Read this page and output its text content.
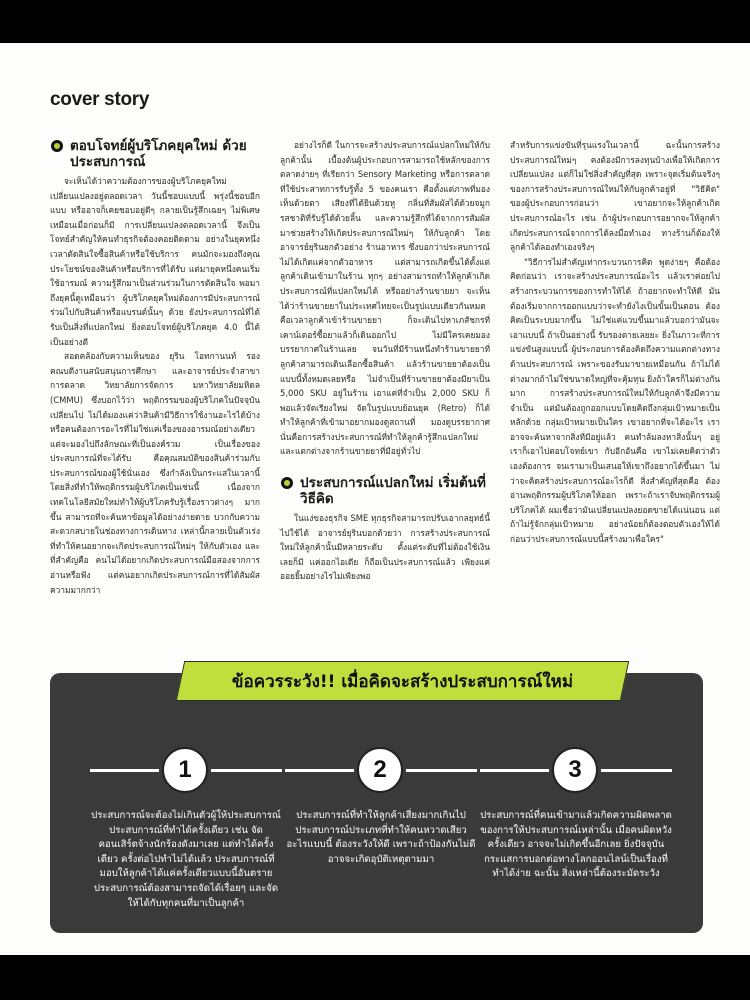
cover story
ตอบโจทย์ผู้บริโภคยุคใหม่ ด้วยประสบการณ์

จะเห็นได้ว่าความต้องการของผู้บริโภคยุคใหม่ เปลี่ยนแปลงอยู่ตลอดเวลา วันนี้ชอบแบบนี้ พรุ่งนี้ชอบอีกแบบ หรืออาจก็เคยชอบอยู่ดีๆ กลายเป็นรู้สึกเฉยๆ ไม่พิเศษเหมือนเมื่อก่อนก็มี การเปลี่ยนแปลงตลอดเวลานี้ จึงเป็นโจทย์สำคัญให้คนทำธุรกิจต้องคอยติดตาม อย่างในยุคหนึ่งเวลาตัดสินใจซื้อสินค้าหรือใช้บริการ คนมักจะมองถึงคุณประโยชน์ของสินค้าหรือบริการที่ได้รับ แต่มายุคหนึ่งคนเริ่มใช้อารมณ์ ความรู้สึกมาเป็นส่วนร่วมในการตัดสินใจ พอมาถึงยุคนี้ดูเหมือนว่า ผู้บริโภคยุคใหม่ต้องการมีประสบการณ์ร่วมไปกับสินค้าหรือแบรนด์นั้นๆ ด้วย ยังประสบการณ์ที่ได้รับเป็นสิ่งที่แปลกใหม่ ยิ่งตอบโจทย์ผู้บริโภคยุค 4.0 นี้ได้เป็นอย่างดี

สอดคล้องกับความเห็นของ ยุริน โอทกานนท์ รองคณบดีงานสนับสนุนการศึกษา และอาจารย์ประจำสาขาการตลาด วิทยาลัยการจัดการ มหาวิทยาลัยมหิดล (CMMU) ซึ่งบอกไว้ว่า พฤติกรรมของผู้บริโภคในปัจจุบันเปลี่ยนไป ไม่ได้มองแค่ว่าสินค้ามีวิธีการใช้งานอะไรได้บ้าง หรือคนต้องการอะไรที่ไม่ใช่แค่เรื่องของอารมณ์อย่างเดียว แต่จะมองไปถึงลักษณะที่เป็นองค์รวม เป็นเรื่องของประสบการณ์ที่จะได้รับ คือคุณสมบัติของสินค้าร่วมกับประสบการณ์ของผู้ใช้นั่นเอง ซึ่งกำลังเป็นกระแสในเวลานี้ โดยสิ่งที่ทำให้พฤติกรรมผู้บริโภคเป็นเช่นนี้ เนื่องจากเทคโนโลยีสมัยใหม่ทำให้ผู้บริโภครับรู้เรื่องราวต่างๆ มากขึ้น สามารถที่จะค้นหาข้อมูลได้อย่างง่ายดาย บวกกับความสะดวกสบายในช่องทางการเดินทาง เหล่านี้กลายเป็นตัวเร่งที่ทำให้คนอยากจะเกิดประสบการณ์ใหม่ๆ ให้กับตัวเอง และที่สำคัญคือ คนไม่ได้อยากเกิดประสบการณ์มือสองจากการอ่านหรือฟัง แต่คนอยากเกิดประสบการณ์การที่ได้สัมผัสความมากกว่า

อย่างไรก็ดี ในการจะสร้างประสบการณ์แปลกใหม่ให้กับลูกค้านั้น เบื้องต้นผู้ประกอบการสามารถใช้หลักของการตลาดง่ายๆ ที่เรียกว่า Sensory Marketing หรือการตลาดที่ใช้ประสาทการรับรู้ทั้ง 5 ของคนเรา คือตั้งแต่ภาพที่มองเห็นด้วยตา เสียงที่ได้ยินด้วยหู กลิ่นที่สัมผัสได้ด้วยจมูก รสชาติที่รับรู้ได้ด้วยลิ้น และความรู้สึกที่ได้จากการสัมผัส มาช่วยสร้างให้เกิดประสบการณ์ใหม่ๆ ให้กับลูกค้า โดยอาจารย์ยุรินยกตัวอย่าง ร้านอาหาร ซึ่งบอกว่าประสบการณ์ไม่ได้เกิดแค่จากตัวอาหาร แต่สามารถเกิดขึ้นได้ตั้งแต่ลูกค้าเดินเข้ามาในร้าน ทุกๆ อย่างสามารถทำให้ลูกค้าเกิดประสบการณ์ที่แปลกใหม่ได้ หรืออย่างร้านขายยา จะเห็นได้ว่าร้านขายยาในประเทศไทยจะเป็นรูปแบบเดียวกันหมด คือเวลาลูกค้าเข้าร้านขายยา ก็จะเดินไปหาเภสัชกรที่เคาน์เตอร์ซื้อยาแล้วก็เดินออกไป ไม่มีใครเคยมองบรรยากาศในร้านเลย จนวันที่มีร้านหนึ่งทำร้านขายยาที่ลูกค้าสามารถเดินเลือกซื้อสินค้า แล้วร้านขายยาต้องเป็นแบบนี้ทั้งหมดเลยหรือ ไม่จำเป็นที่ร้านขายยาต้องมียาเป็น 5,000 SKU อยู่ในร้าน เอาแค่ที่จำเป็น 2,000 SKU ก็พอแล้วจัดเรียงใหม่ จัดในรูปแบบย้อนยุค (Retro) ก็ได้ ทำให้ลูกค้าที่เข้ามาอยากมองดูสถานที่ มองดูบรรยากาศ นั่นคือการสร้างประสบการณ์ที่ทำให้ลูกค้ารู้สึกแปลกใหม่ และแตกต่างจากร้านขายยาที่มีอยู่ทั่วไป

ประสบการณ์แปลกใหม่ เริ่มต้นที่วิธีคิด

ในแง่ของธุรกิจ SME ทุกธุรกิจสามารถปรับเอากลยุทธ์นี้ไปใช้ได้ อาจารย์ยุรินบอกด้วยว่า การสร้างประสบการณ์ใหม่ให้ลูกค้านั้นมีหลายระดับ ตั้งแต่ระดับที่ไม่ต้องใช้เงินเลยก็มี แค่ออกไอเดีย ก็ถือเป็นประสบการณ์แล้ว เพียงแค่ออยยิ้มอย่างไรไม่เพียงพอ

สำหรับการแข่งขันที่รุนแรงในเวลานี้ ฉะนั้นการสร้างประสบการณ์ใหม่ๆ คงต้องมีการลงทุนบ้างเพื่อให้เกิดการเปลี่ยนแปลง แต่ก็ไม่ใช่สิ่งสำคัญที่สุด เพราะจุดเริ่มต้นจริงๆ ของการสร้างประสบการณ์ใหม่ให้กับลูกค้าอยู่ที่ "วิธีคิด" ของผู้ประกอบการก่อนว่า เขาอยากจะให้ลูกค้าเกิดประสบการณ์อะไร เช่น ถ้าผู้ประกอบการอยากจะให้ลูกค้าเกิดประสบการณ์จากการได้ลงมือทำเอง ทางร้านก็ต้องให้ลูกค้าได้ลองทำเองจริงๆ

"วิธีการไม่สำคัญเท่ากระบวนการคิด พูดง่ายๆ คือต้องคิดก่อนว่า เราจะสร้างประสบการณ์อะไร แล้วเราค่อยไปสร้างกระบวนการของการทำให้ได้ ถ้าอยากจะทำให้ดี มันต้องเริ่มจากการออกแบบว่าจะทำยังไงเป็นขั้นเป็นตอน ต้องคิดเป็นระบบมากขึ้น ไม่ใช่แค่แวบขึ้นมาแล้วบอกว่ามันจะเอาแบบนี้ ถ้าเป็นอย่างนี้ รับรองตายเลยยะ ยิ่งในภาวะที่การแข่งขันสูงแบบนี้ ผู้ประกอบการต้องคิดถึงความแตกต่างทางด้านประสบการณ์ เพราะของรับมาขายเหมือนกัน ถ้าไม่ได้ต่างมากถ้าไม่ใช่ขนาดใหญ่ที่จะคุ้มทุน ยิ่งถ้าใครก็ไม่ต่างกันมาก การสร้างประสบการณ์ใหม่ให้กับลูกค้าจึงมีความจำเป็น แต่มันต้องถูกออกแบบโดยคิดถึงกลุ่มเป้าหมายเป็นหลักด้วย กลุ่มเป้าหมายเป็นใคร เขาอยากที่จะได้อะไร เราอาจจะค้นหาจากสิ่งที่มีอยู่แล้ว คนทำล้มลงหาสิ่งนั้นๆ อยู่ เราก็เอาไปตอบโจทย์เขา กับอีกอันคือ เขาไม่เคยคิดว่าตัวเองต้องการ จนเรามาเป็นเสนอให้เขาถึงอยากได้ขึ้นมา ไม่ว่าจะคิดสร้างประสบการณ์อะไรก็ดี สิ่งสำคัญที่สุดคือ ต้องอ่านพฤติกรรมผู้บริโภคให้ออก เพราะถ้าเราจับพฤติกรรมผู้บริโภคได้ ผมเชื่อว่ามันเปลี่ยนแปลงยอดขายได้แน่นอน แต่ถ้าไม่รู้จักกลุ่มเป้าหมาย อย่างน้อยก็ต้องตอบตัวเองให้ได้ก่อนว่าประสบการณ์แบบนี้สร้างมาเพื่อใคร"

ข้อควรระวัง!! เมื่อคิดจะสร้างประสบการณ์ใหม่
1
ประสบการณ์จะต้องไม่เกินตัวผู้ให้ประสบการณ์ ประสบการณ์ที่ทำได้ครั้งเดียว เช่น จัดคอนเสิร์ตจ้างนักร้องดังมาเลย แต่ทำได้ครั้งเดียว ครั้งต่อไปทำไม่ได้แล้ว ประสบการณ์ที่มอบให้ลูกค้าได้แค่ครั้งเดียวแบบนี้อันตราย ประสบการณ์ต้องสามารถจัดได้เรื่อยๆ และจัดให้ได้กับทุกคนที่มาเป็นลูกค้า
2
ประสบการณ์ที่ทำให้ลูกค้าเสี่ยงมากเกินไป ประสบการณ์ประเภทที่ทำให้คนหวาดเสียวอะไรแบบนี้ ต้องระวังให้ดี เพราะถ้าป้องกันไม่ดีอาจจะเกิดอุบัติเหตุตามมา
3
ประสบการณ์ที่คนเข้ามาแล้วเกิดความผิดพลาดของการให้ประสบการณ์เหล่านั้น เมื่อคนผิดหวังครั้งเดียว อาจจะไม่เกิดขึ้นอีกเลย ยิ่งปัจจุบันกระแสการบอกต่อทางโลกออนไลน์เป็นเรื่องที่ทำได้ง่าย ฉะนั้น สิ่งเหล่านี้ต้องระมัดระวัง
